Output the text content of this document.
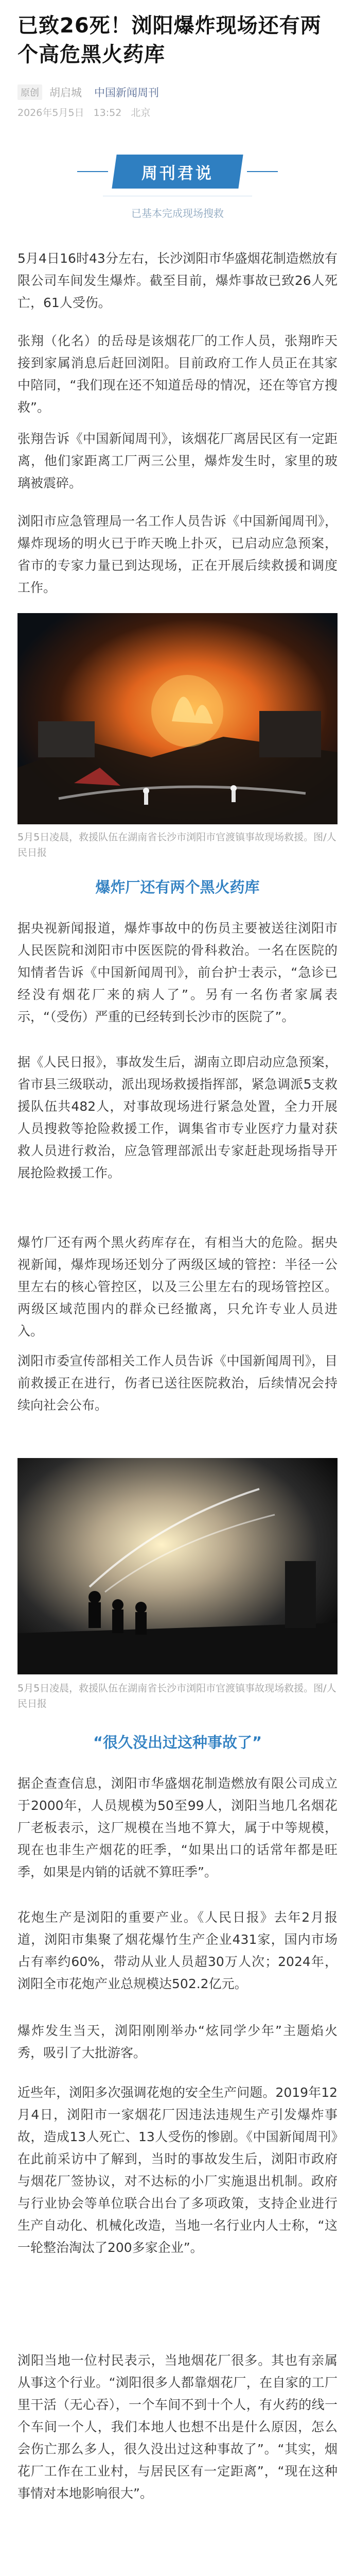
已致26死！浏阳爆炸现场还有两个高危黑火药库
原创 胡启城 中国新闻周刊
2026年5月5日 13:52 北京
周刊君说
已基本完成现场搜救

5月4日16时43分左右，长沙浏阳市华盛烟花制造燃放有限公司车间发生爆炸。截至目前，爆炸事故已致26人死亡，61人受伤。

张翔（化名）的岳母是该烟花厂的工作人员，张翔昨天接到家属消息后赶回浏阳。目前政府工作人员正在其家中陪同，“我们现在还不知道岳母的情况，还在等官方搜救”。

张翔告诉《中国新闻周刊》，该烟花厂离居民区有一定距离，他们家距离工厂两三公里，爆炸发生时，家里的玻璃被震碎。

浏阳市应急管理局一名工作人员告诉《中国新闻周刊》，爆炸现场的明火已于昨天晚上扑灭，已启动应急预案，省市的专家力量已到达现场，正在开展后续救援和调度工作。

5月5日凌晨，救援队伍在湖南省长沙市浏阳市官渡镇事故现场救援。图/人民日报

爆炸厂还有两个黑火药库

据央视新闻报道，爆炸事故中的伤员主要被送往浏阳市人民医院和浏阳市中医医院的骨科救治。一名在医院的知情者告诉《中国新闻周刊》，前台护士表示，“急诊已经没有烟花厂来的病人了”。另有一名伤者家属表示，“（受伤）严重的已经转到长沙市的医院了”。

据《人民日报》，事故发生后，湖南立即启动应急预案，省市县三级联动，派出现场救援指挥部，紧急调派5支救援队伍共482人，对事故现场进行紧急处置，全力开展人员搜救等抢险救援工作，调集省市专业医疗力量对获救人员进行救治，应急管理部派出专家赶赴现场指导开展抢险救援工作。

爆竹厂还有两个黑火药库存在，有相当大的危险。据央视新闻，爆炸现场还划分了两级区域的管控：半径一公里左右的核心管控区，以及三公里左右的现场管控区。两级区域范围内的群众已经撤离，只允许专业人员进入。

浏阳市委宣传部相关工作人员告诉《中国新闻周刊》，目前救援正在进行，伤者已送往医院救治，后续情况会持续向社会公布。

5月5日凌晨，救援队伍在湖南省长沙市浏阳市官渡镇事故现场救援。图/人民日报

“很久没出过这种事故了”

据企查查信息，浏阳市华盛烟花制造燃放有限公司成立于2000年，人员规模为50至99人，浏阳当地几名烟花厂老板表示，这厂规模在当地不算大，属于中等规模，现在也非生产烟花的旺季，“如果出口的话常年都是旺季，如果是内销的话就不算旺季”。

花炮生产是浏阳的重要产业。《人民日报》去年2月报道，浏阳市集聚了烟花爆竹生产企业431家，国内市场占有率约60%，带动从业人员超30万人次；2024年，浏阳全市花炮产业总规模达502.2亿元。

爆炸发生当天，浏阳刚刚举办“炫同学少年”主题焰火秀，吸引了大批游客。

近些年，浏阳多次强调花炮的安全生产问题。2019年12月4日，浏阳市一家烟花厂因违法违规生产引发爆炸事故，造成13人死亡、13人受伤的惨剧。《中国新闻周刊》在此前采访中了解到，当时的事故发生后，浏阳市政府与烟花厂签协议，对不达标的小厂实施退出机制。政府与行业协会等单位联合出台了多项政策，支持企业进行生产自动化、机械化改造，当地一名行业内人士称，“这一轮整治淘汰了200多家企业”。

浏阳当地一位村民表示，当地烟花厂很多。其也有亲属从事这个行业。“浏阳很多人都靠烟花厂，在自家的工厂里干活（无心吞），一个车间不到十个人，有火药的线一个车间一个人，我们本地人也想不出是什么原因，怎么会伤亡那么多人，很久没出过这种事故了”。“其实，烟花厂工作在工业村，与居民区有一定距离”，“现在这种事情对本地影响很大”。
